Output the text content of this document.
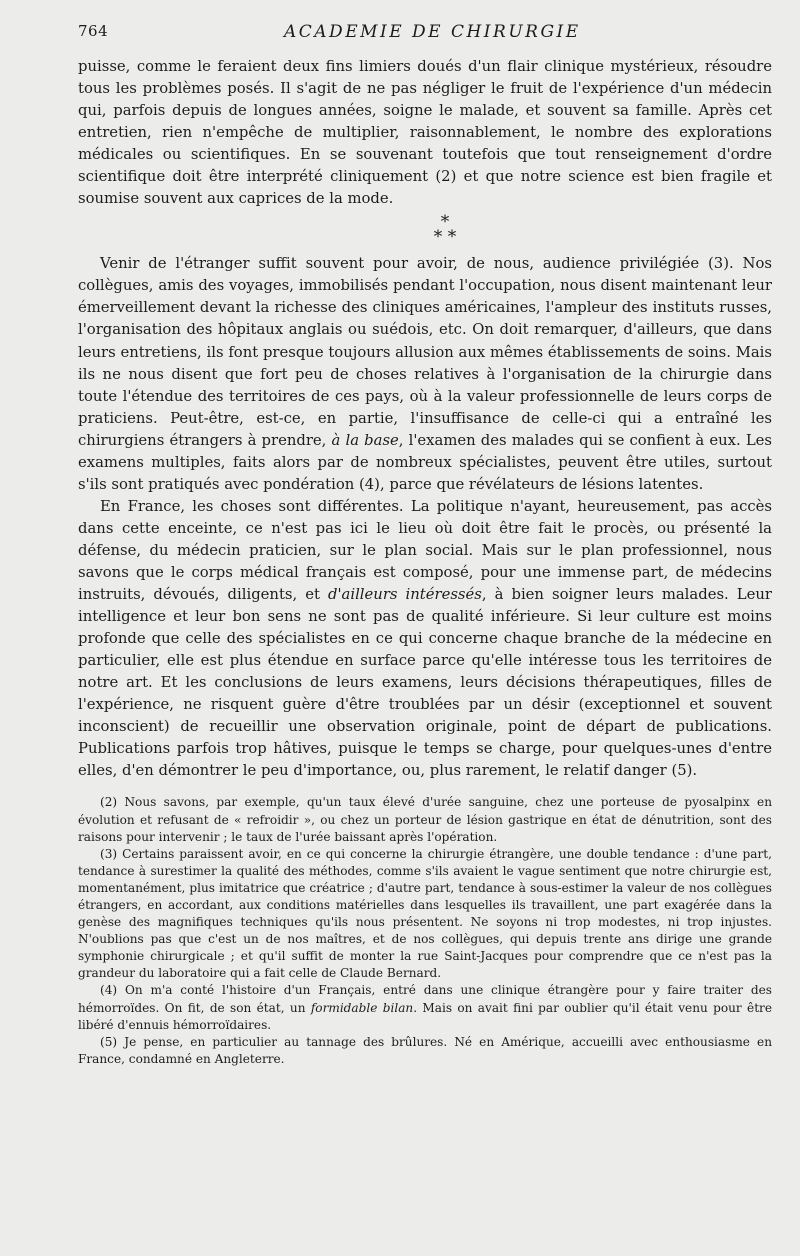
764	ACADEMIE DE CHIRURGIE

puisse, comme le feraient deux fins limiers doués d'un flair clinique mystérieux, résoudre tous les problèmes posés. Il s'agit de ne pas négliger le fruit de l'expérience d'un médecin qui, parfois depuis de longues années, soigne le malade, et souvent sa famille. Après cet entretien, rien n'empêche de multiplier, raisonnablement, le nombre des explorations médicales ou scientifiques. En se souvenant toutefois que tout renseignement d'ordre scientifique doit être interprété cliniquement (2) et que notre science est bien fragile et soumise souvent aux caprices de la mode.

*
* *

Venir de l'étranger suffit souvent pour avoir, de nous, audience privilégiée (3). Nos collègues, amis des voyages, immobilisés pendant l'occupation, nous disent maintenant leur émerveillement devant la richesse des cliniques américaines, l'ampleur des instituts russes, l'organisation des hôpitaux anglais ou suédois, etc. On doit remarquer, d'ailleurs, que dans leurs entretiens, ils font presque toujours allusion aux mêmes établissements de soins. Mais ils ne nous disent que fort peu de choses relatives à l'organisation de la chirurgie dans toute l'étendue des territoires de ces pays, où à la valeur professionnelle de leurs corps de praticiens. Peut-être, est-ce, en partie, l'insuffisance de celle-ci qui a entraîné les chirurgiens étrangers à prendre, à la base, l'examen des malades qui se confient à eux. Les examens multiples, faits alors par de nombreux spécialistes, peuvent être utiles, surtout s'ils sont pratiqués avec pondération (4), parce que révélateurs de lésions latentes.

En France, les choses sont différentes. La politique n'ayant, heureusement, pas accès dans cette enceinte, ce n'est pas ici le lieu où doit être fait le procès, ou présenté la défense, du médecin praticien, sur le plan social. Mais sur le plan professionnel, nous savons que le corps médical français est composé, pour une immense part, de médecins instruits, dévoués, diligents, et d'ailleurs intéressés, à bien soigner leurs malades. Leur intelligence et leur bon sens ne sont pas de qualité inférieure. Si leur culture est moins profonde que celle des spécialistes en ce qui concerne chaque branche de la médecine en particulier, elle est plus étendue en surface parce qu'elle intéresse tous les territoires de notre art. Et les conclusions de leurs examens, leurs décisions thérapeutiques, filles de l'expérience, ne risquent guère d'être troublées par un désir (exceptionnel et souvent inconscient) de recueillir une observation originale, point de départ de publications. Publications parfois trop hâtives, puisque le temps se charge, pour quelques-unes d'entre elles, d'en démontrer le peu d'importance, ou, plus rarement, le relatif danger (5).

(2) Nous savons, par exemple, qu'un taux élevé d'urée sanguine, chez une porteuse de pyosalpinx en évolution et refusant de « refroidir », ou chez un porteur de lésion gastrique en état de dénutrition, sont des raisons pour intervenir ; le taux de l'urée baissant après l'opération.

(3) Certains paraissent avoir, en ce qui concerne la chirurgie étrangère, une double tendance : d'une part, tendance à surestimer la qualité des méthodes, comme s'ils avaient le vague sentiment que notre chirurgie est, momentanément, plus imitatrice que créatrice ; d'autre part, tendance à sous-estimer la valeur de nos collègues étrangers, en accordant, aux conditions matérielles dans lesquelles ils travaillent, une part exagérée dans la genèse des magnifiques techniques qu'ils nous présentent. Ne soyons ni trop modestes, ni trop injustes. N'oublions pas que c'est un de nos maîtres, et de nos collègues, qui depuis trente ans dirige une grande symphonie chirurgicale ; et qu'il suffit de monter la rue Saint-Jacques pour comprendre que ce n'est pas la grandeur du laboratoire qui a fait celle de Claude Bernard.

(4) On m'a conté l'histoire d'un Français, entré dans une clinique étrangère pour y faire traiter des hémorroïdes. On fit, de son état, un formidable bilan. Mais on avait fini par oublier qu'il était venu pour être libéré d'ennuis hémorroïdaires.

(5) Je pense, en particulier au tannage des brûlures. Né en Amérique, accueilli avec enthousiasme en France, condamné en Angleterre.
